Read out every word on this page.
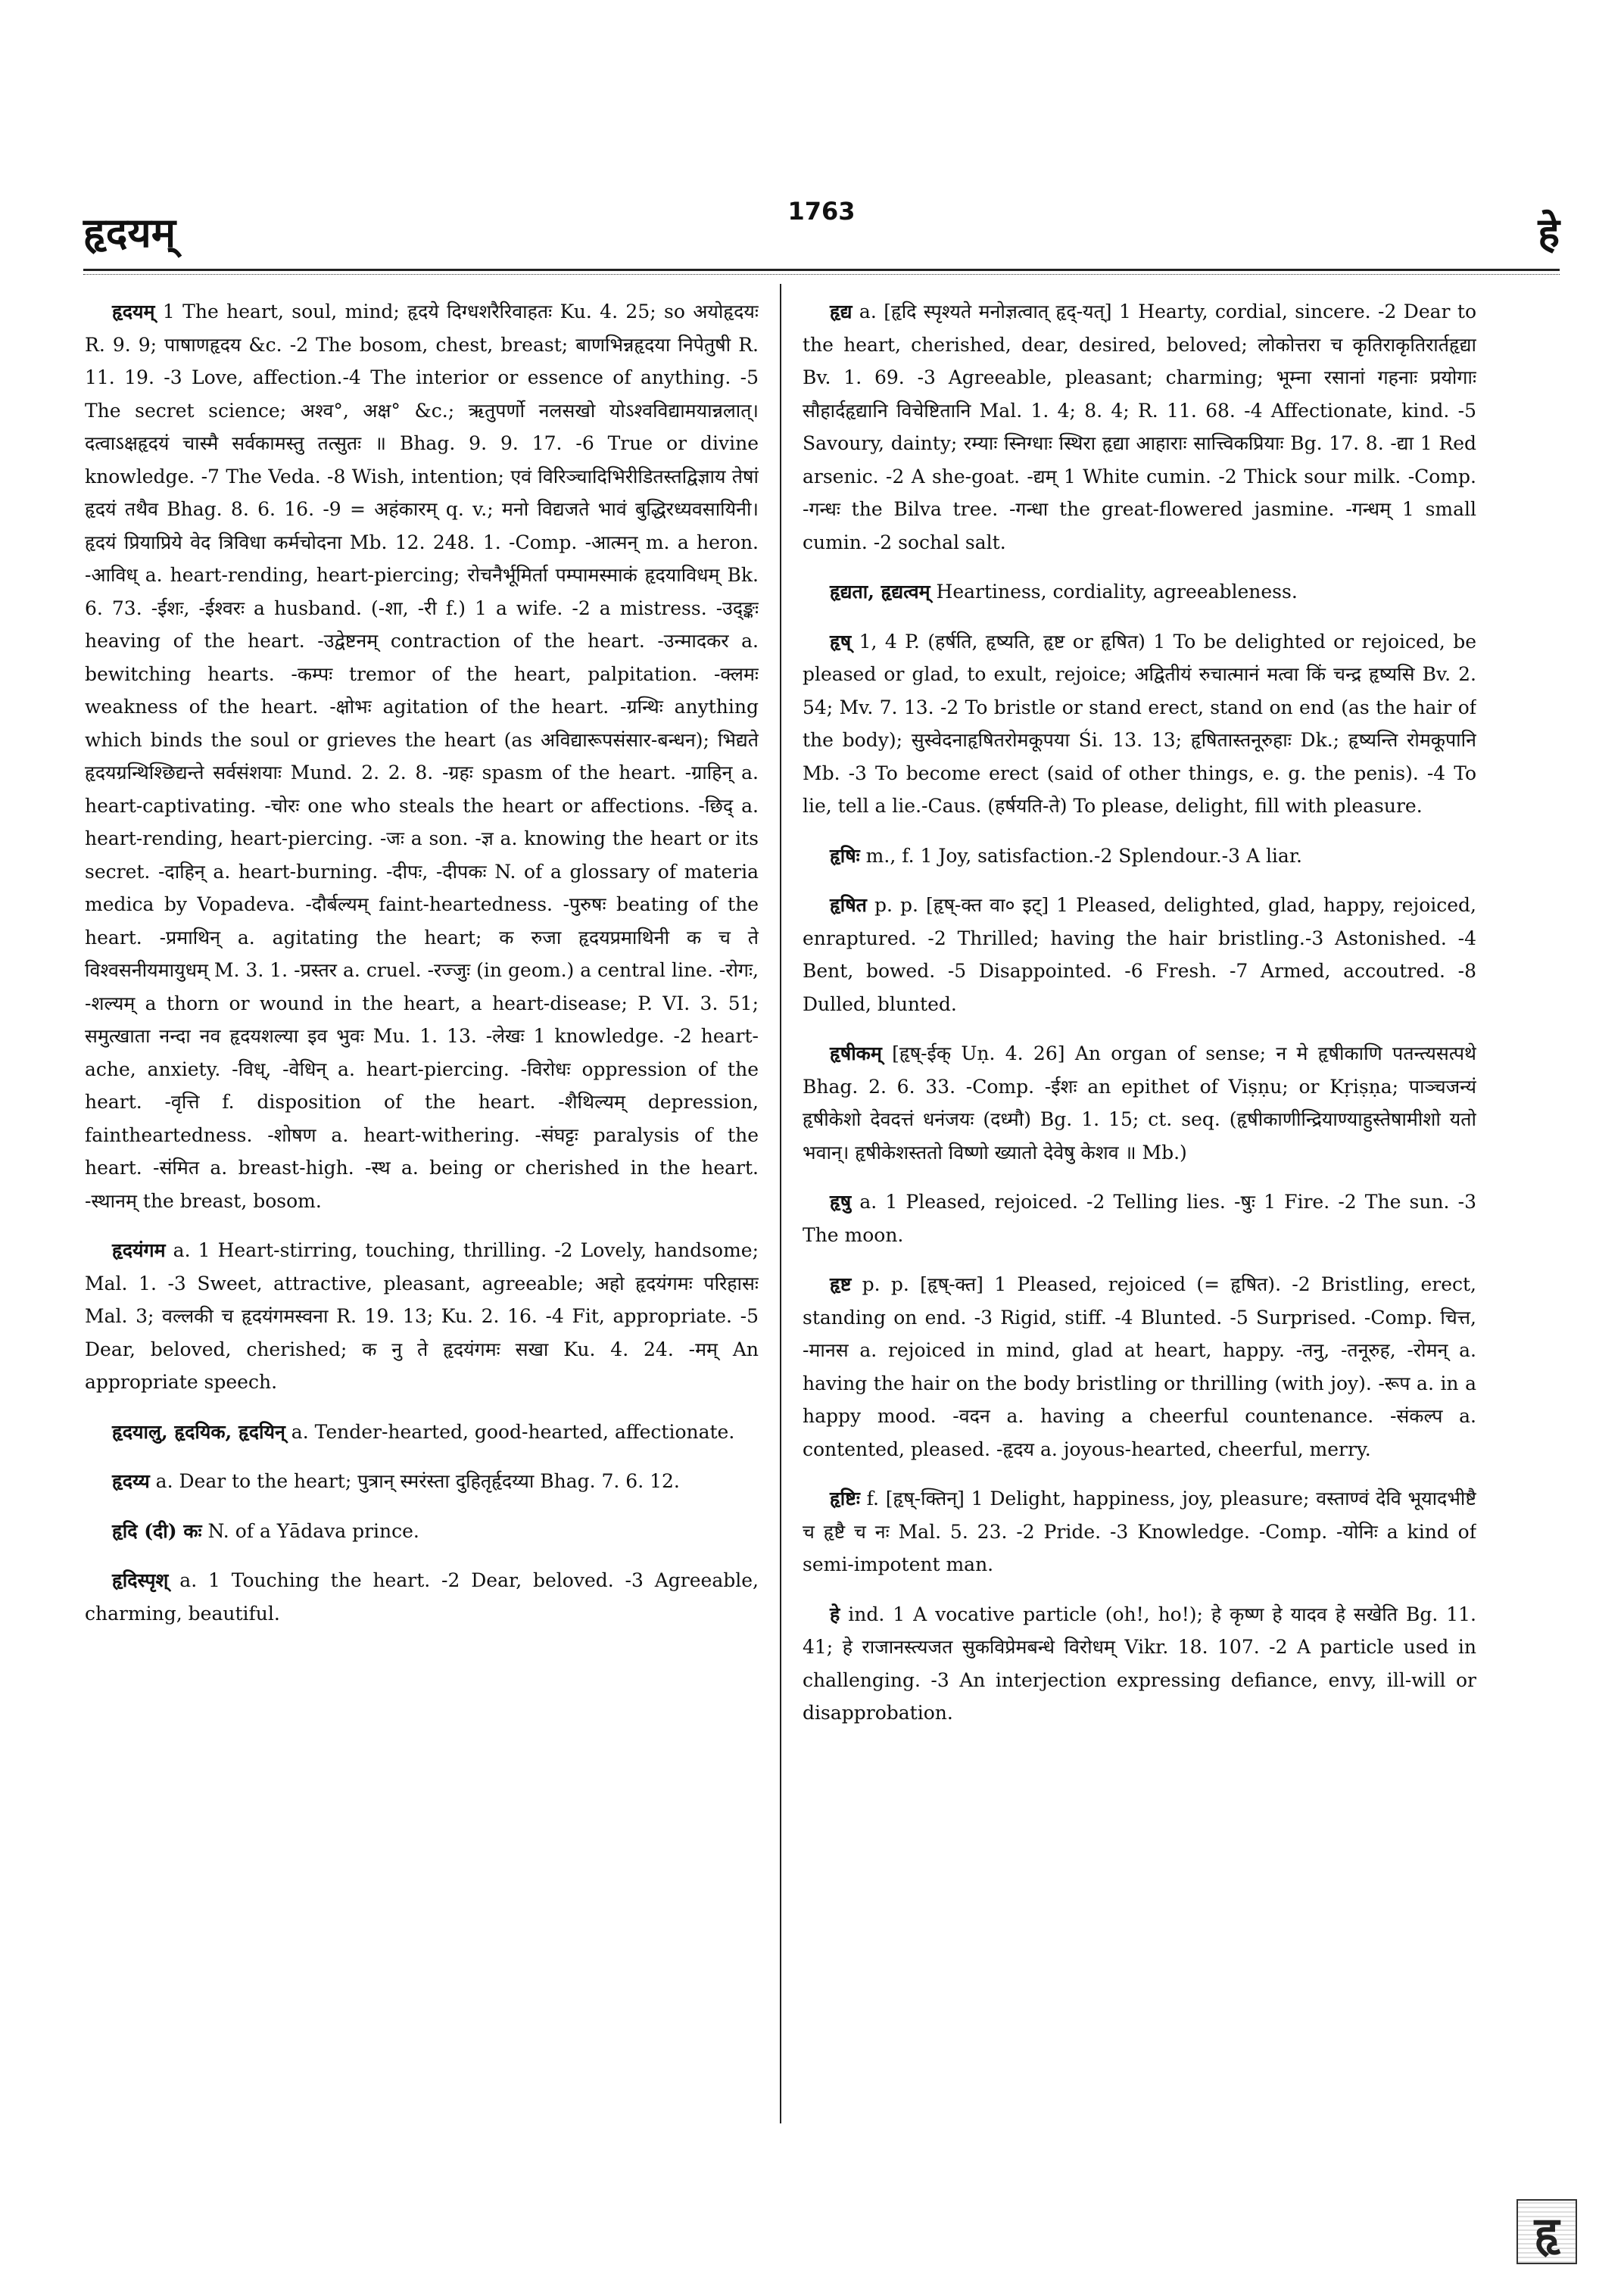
हृदयम्	1763	हे

हृदयम् 1 The heart, soul, mind; हृदये दिग्धशरैरिवाहतः Ku. 4. 25; so अयोहृदयः R. 9. 9; पाषाणहृदय &c. -2 The bosom, chest, breast; बाणभिन्नहृदया निपेतुषी R. 11. 19. -3 Love, affection.-4 The interior or essence of anything. -5 The secret science; अश्व°, अक्ष° &c.; ऋतुपर्णो नलसखो योऽश्वविद्यामयान्नलात्। दत्वाऽक्षहृदयं चास्मै सर्वकामस्तु तत्सुतः ॥ Bhag. 9. 9. 17. -6 True or divine knowledge. -7 The Veda. -8 Wish, intention; एवं विरिञ्चादिभिरीडितस्तद्विज्ञाय तेषां हृदयं तथैव Bhag. 8. 6. 16. -9 = अहंकारम् q. v.; मनो विद्यजते भावं बुद्धिरध्यवसायिनी। हृदयं प्रियाप्रिये वेद त्रिविधा कर्मचोदना Mb. 12. 248. 1. -Comp. -आत्मन् m. a heron. -आविध् a. heart-rending, heart-piercing; रोचनैर्भूमिर्ता पम्पामस्माकं हृदयाविधम् Bk. 6. 73. -ईशः, -ईश्वरः a husband. (-शा, -री f.) 1 a wife. -2 a mistress. -उद्ङ्कः heaving of the heart. -उद्वेष्टनम् contraction of the heart. -उन्मादकर a. bewitching hearts. -कम्पः tremor of the heart, palpitation. -क्लमः weakness of the heart. -क्षोभः agitation of the heart. -ग्रन्थिः anything which binds the soul or grieves the heart (as अविद्यारूपसंसार-बन्धन); भिद्यते हृदयग्रन्थिश्छिद्यन्ते सर्वसंशयाः Mund. 2. 2. 8. -ग्रहः spasm of the heart. -ग्राहिन् a. heart-captivating. -चोरः one who steals the heart or affections. -छिद् a. heart-rending, heart-piercing. -जः a son. -ज्ञ a. knowing the heart or its secret. -दाहिन् a. heart-burning. -दीपः, -दीपकः N. of a glossary of materia medica by Vopadeva. -दौर्बल्यम् faint-heartedness. -पुरुषः beating of the heart. -प्रमाथिन् a. agitating the heart; क रुजा हृदयप्रमाथिनी क च ते विश्वसनीयमायुधम् M. 3. 1. -प्रस्तर a. cruel. -रज्जुः (in geom.) a central line. -रोगः, -शल्यम् a thorn or wound in the heart, a heart-disease; P. VI. 3. 51; समुत्खाता नन्दा नव हृदयशल्या इव भुवः Mu. 1. 13. -लेखः 1 knowledge. -2 heart-ache, anxiety. -विध्, -वेधिन् a. heart-piercing. -विरोधः oppression of the heart. -वृत्ति f. disposition of the heart. -शैथिल्यम् depression, faintheartedness. -शोषण a. heart-withering. -संघट्टः paralysis of the heart. -संमित a. breast-high. -स्थ a. being or cherished in the heart. -स्थानम् the breast, bosom.

हृदयंगम a. 1 Heart-stirring, touching, thrilling. -2 Lovely, handsome; Mal. 1. -3 Sweet, attractive, pleasant, agreeable; अहो हृदयंगमः परिहासः Mal. 3; वल्लकी च हृदयंगमस्वना R. 19. 13; Ku. 2. 16. -4 Fit, appropriate. -5 Dear, beloved, cherished; क नु ते हृदयंगमः सखा Ku. 4. 24. -मम् An appropriate speech.

हृदयालु, हृदयिक, हृदयिन् a. Tender-hearted, good-hearted, affectionate.

हृदय्य a. Dear to the heart; पुत्रान् स्मरंस्ता दुहितृर्हृदय्या Bhag. 7. 6. 12.

हृदि (दी) कः N. of a Yādava prince.

हृदिस्पृश् a. 1 Touching the heart. -2 Dear, beloved. -3 Agreeable, charming, beautiful.

हृद्य a. [हृदि स्पृश्यते मनोज्ञत्वात् हृद्-यत्] 1 Hearty, cordial, sincere. -2 Dear to the heart, cherished, dear, desired, beloved; लोकोत्तरा च कृतिराकृतिरार्तहृद्या Bv. 1. 69. -3 Agreeable, pleasant; charming; भूम्ना रसानां गहनाः प्रयोगाः सौहार्दहृद्यानि विचेष्टितानि Mal. 1. 4; 8. 4; R. 11. 68. -4 Affectionate, kind. -5 Savoury, dainty; रम्याः स्निग्धाः स्थिरा हृद्या आहाराः सात्त्विकप्रियाः Bg. 17. 8. -द्या 1 Red arsenic. -2 A she-goat. -द्यम् 1 White cumin. -2 Thick sour milk. -Comp. -गन्धः the Bilva tree. -गन्धा the great-flowered jasmine. -गन्धम् 1 small cumin. -2 sochal salt.

हृद्यता, हृद्यत्वम् Heartiness, cordiality, agreeableness.

हृष् 1, 4 P. (हर्षति, हृष्यति, हृष्ट or हृषित) 1 To be delighted or rejoiced, be pleased or glad, to exult, rejoice; अद्वितीयं रुचात्मानं मत्वा किं चन्द्र हृष्यसि Bv. 2. 54; Mv. 7. 13. -2 To bristle or stand erect, stand on end (as the hair of the body); सुस्वेदनाहृषितरोमकूपया Śi. 13. 13; हृषितास्तनूरुहाः Dk.; हृष्यन्ति रोमकूपानि Mb. -3 To become erect (said of other things, e. g. the penis). -4 To lie, tell a lie.-Caus. (हर्षयति-ते) To please, delight, fill with pleasure.

हृषिः m., f. 1 Joy, satisfaction.-2 Splendour.-3 A liar.

हृषित p. p. [हृष्-क्त वा० इट्] 1 Pleased, delighted, glad, happy, rejoiced, enraptured. -2 Thrilled; having the hair bristling.-3 Astonished. -4 Bent, bowed. -5 Disappointed. -6 Fresh. -7 Armed, accoutred. -8 Dulled, blunted.

हृषीकम् [हृष्-ईक् Uṇ. 4. 26] An organ of sense; न मे हृषीकाणि पतन्त्यसत्पथे Bhag. 2. 6. 33. -Comp. -ईशः an epithet of Viṣṇu; or Kṛiṣṇa; पाञ्चजन्यं हृषीकेशो देवदत्तं धनंजयः (दध्मौ) Bg. 1. 15; ct. seq. (हृषीकाणीन्द्रियाण्याहुस्तेषामीशो यतो भवान्। हृषीकेशस्ततो विष्णो ख्यातो देवेषु केशव ॥ Mb.)

हृषु a. 1 Pleased, rejoiced. -2 Telling lies. -षुः 1 Fire. -2 The sun. -3 The moon.

हृष्ट p. p. [हृष्-क्त] 1 Pleased, rejoiced (= हृषित). -2 Bristling, erect, standing on end. -3 Rigid, stiff. -4 Blunted. -5 Surprised. -Comp. चित्त, -मानस a. rejoiced in mind, glad at heart, happy. -तनु, -तनूरुह, -रोमन् a. having the hair on the body bristling or thrilling (with joy). -रूप a. in a happy mood. -वदन a. having a cheerful countenance. -संकल्प a. contented, pleased. -हृदय a. joyous-hearted, cheerful, merry.

हृष्टिः f. [हृष्-क्तिन्] 1 Delight, happiness, joy, pleasure; वस्ताण्वं देवि भूयादभीष्टै च हृष्टै च नः Mal. 5. 23. -2 Pride. -3 Knowledge. -Comp. -योनिः a kind of semi-impotent man.

हे ind. 1 A vocative particle (oh!, ho!); हे कृष्ण हे यादव हे सखेति Bg. 11. 41; हे राजानस्त्यजत सुकविप्रेमबन्धे विरोधम् Vikr. 18. 107. -2 A particle used in challenging. -3 An interjection expressing defiance, envy, ill-will or disapprobation.

हृ
